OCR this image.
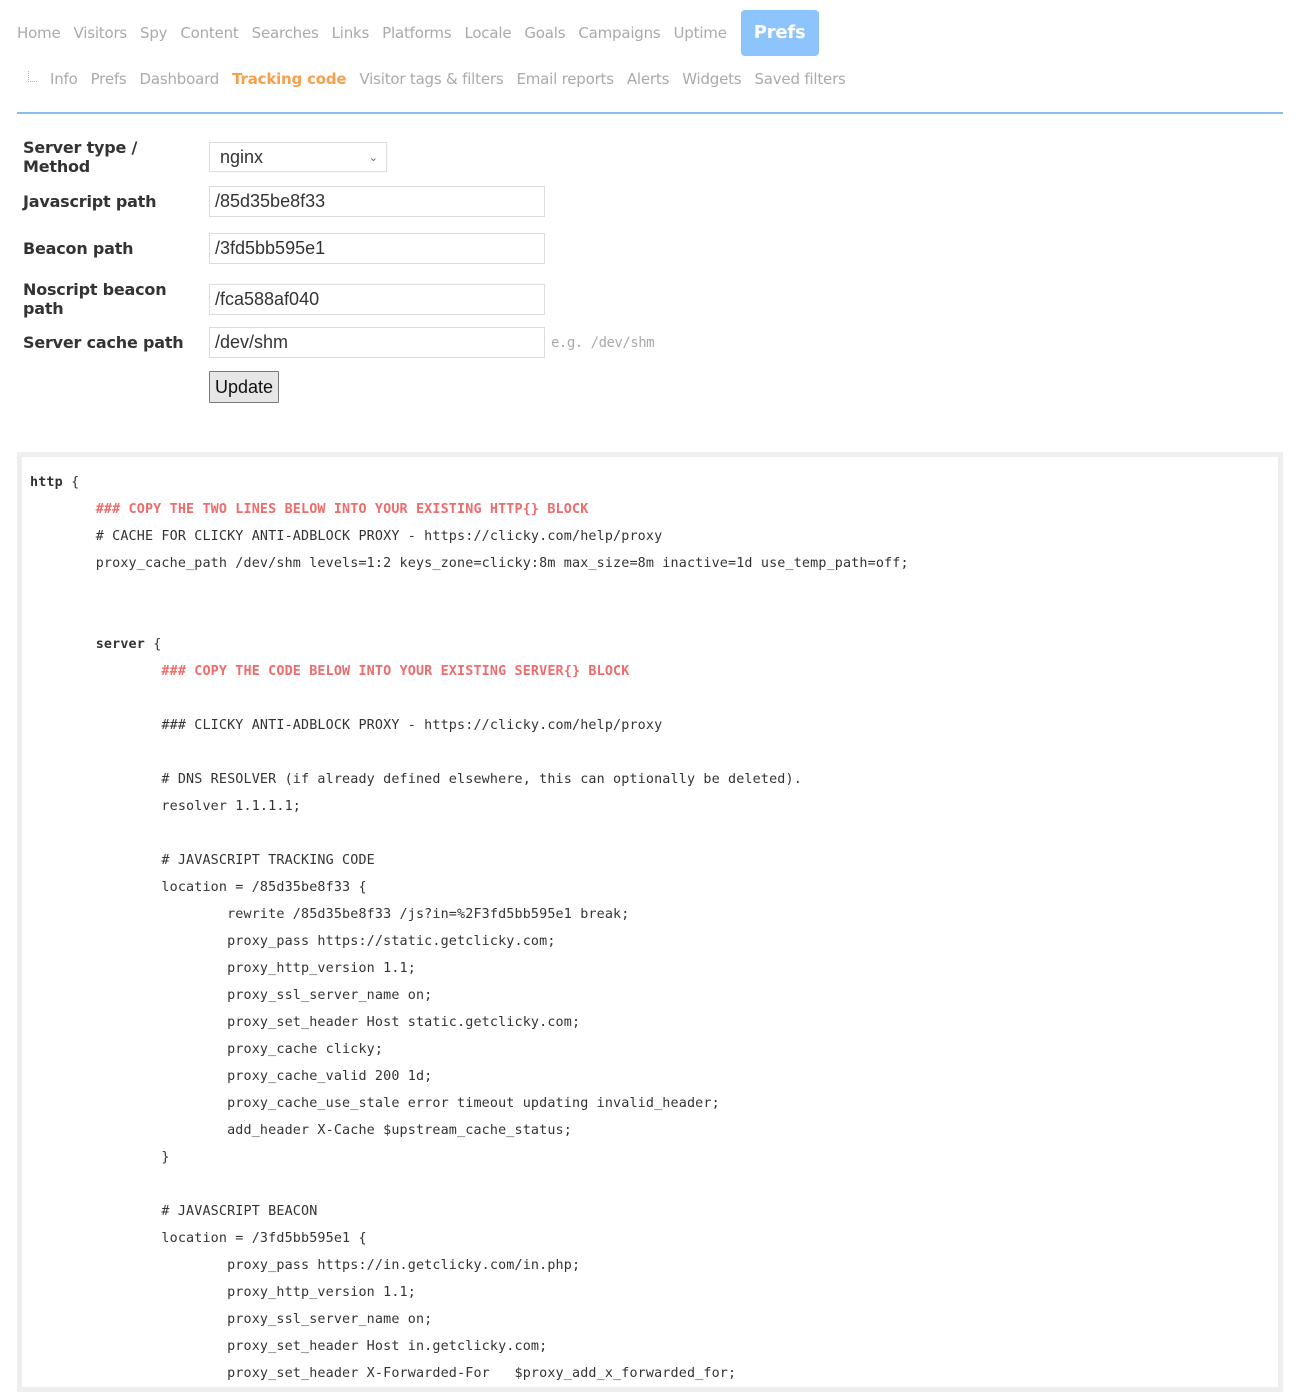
Home Visitors Spy Content Searches Links Platforms Locale Goals Campaigns Uptime	Prefs
Info Prefs Dashboard Tracking code Visitor tags & filters Email reports Alerts Widgets Saved filters
Server type / Method	nginx	⌄
Javascript path	/85d35be8f33
Beacon path	/3fd5bb595e1
Noscript beacon path	/fca588af040
Server cache path	/dev/shm	e.g. /dev/shm
Update
http {
### COPY THE TWO LINES BELOW INTO YOUR EXISTING HTTP{} BLOCK
# CACHE FOR CLICKY ANTI-ADBLOCK PROXY - https://clicky.com/help/proxy
proxy_cache_path /dev/shm levels=1:2 keys_zone=clicky:8m max_size=8m inactive=1d use_temp_path=off;
server {
### COPY THE CODE BELOW INTO YOUR EXISTING SERVER{} BLOCK
### CLICKY ANTI-ADBLOCK PROXY - https://clicky.com/help/proxy
# DNS RESOLVER (if already defined elsewhere, this can optionally be deleted).
resolver 1.1.1.1;
# JAVASCRIPT TRACKING CODE
location = /85d35be8f33 {
rewrite /85d35be8f33 /js?in=%2F3fd5bb595e1 break;
proxy_pass https://static.getclicky.com;
proxy_http_version 1.1;
proxy_ssl_server_name on;
proxy_set_header Host static.getclicky.com;
proxy_cache clicky;
proxy_cache_valid 200 1d;
proxy_cache_use_stale error timeout updating invalid_header;
add_header X-Cache $upstream_cache_status;
}
# JAVASCRIPT BEACON
location = /3fd5bb595e1 {
proxy_pass https://in.getclicky.com/in.php;
proxy_http_version 1.1;
proxy_ssl_server_name on;
proxy_set_header Host in.getclicky.com;
proxy_set_header X-Forwarded-For   $proxy_add_x_forwarded_for;
